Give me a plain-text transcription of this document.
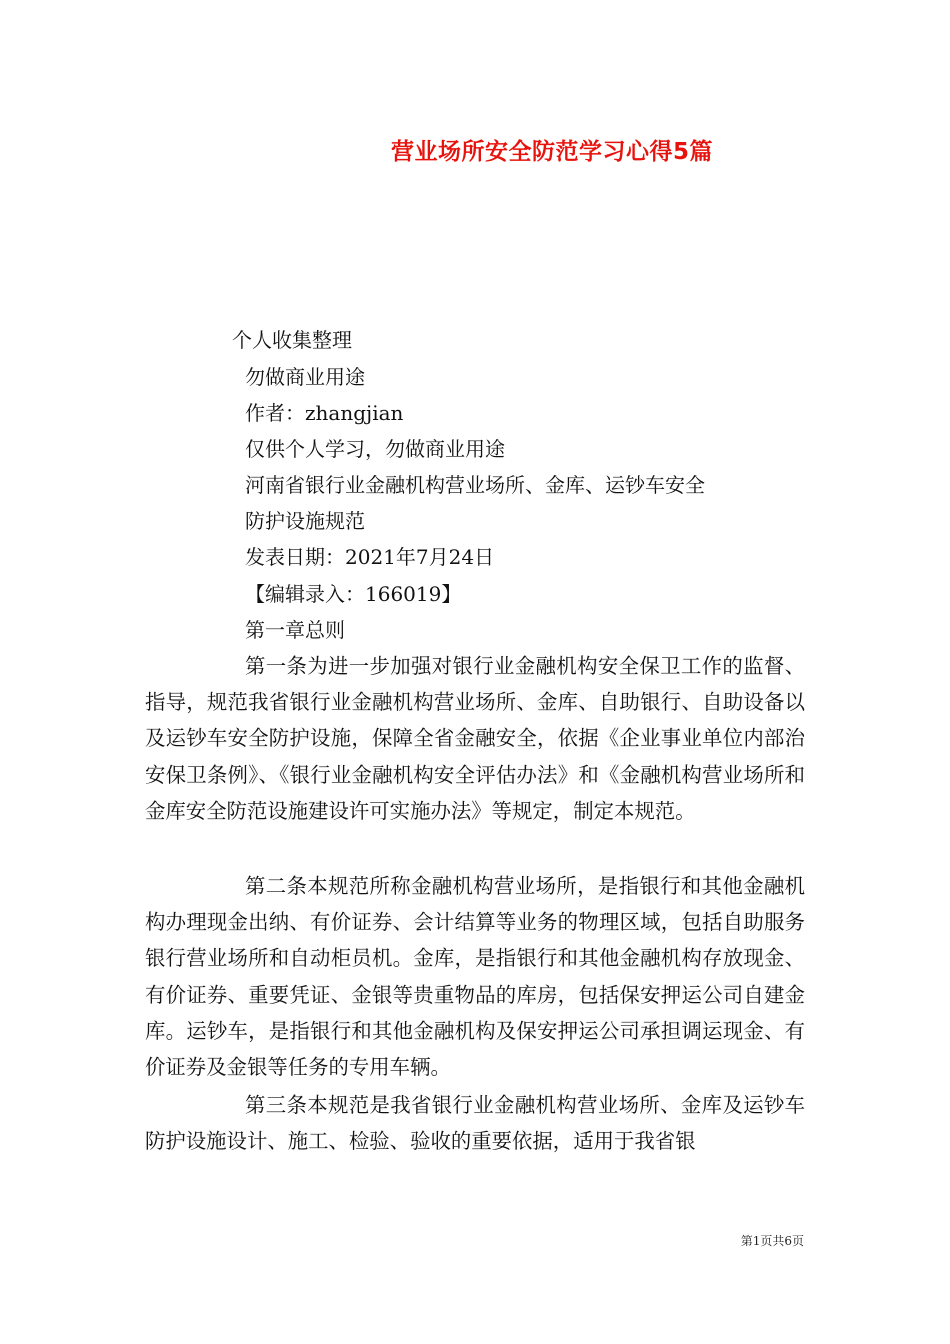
营业场所安全防范学习心得5篇
个人收集整理
勿做商业用途
作者：zhangjian
仅供个人学习，勿做商业用途
河南省银行业金融机构营业场所、金库、运钞车安全
防护设施规范
发表日期：2021年7月24日
【编辑录入：166019】
第一章总则
第一条为进一步加强对银行业金融机构安全保卫工作的监督、指导，规范我省银行业金融机构营业场所、金库、自助银行、自助设备以及运钞车安全防护设施，保障全省金融安全，依据《企业事业单位内部治安保卫条例》、《银行业金融机构安全评估办法》和《金融机构营业场所和金库安全防范设施建设许可实施办法》等规定，制定本规范。
第二条本规范所称金融机构营业场所，是指银行和其他金融机构办理现金出纳、有价证券、会计结算等业务的物理区域，包括自助服务银行营业场所和自动柜员机。金库，是指银行和其他金融机构存放现金、有价证券、重要凭证、金银等贵重物品的库房，包括保安押运公司自建金库。运钞车，是指银行和其他金融机构及保安押运公司承担调运现金、有价证券及金银等任务的专用车辆。
第三条本规范是我省银行业金融机构营业场所、金库及运钞车防护设施设计、施工、检验、验收的重要依据，适用于我省银
第1页共6页
